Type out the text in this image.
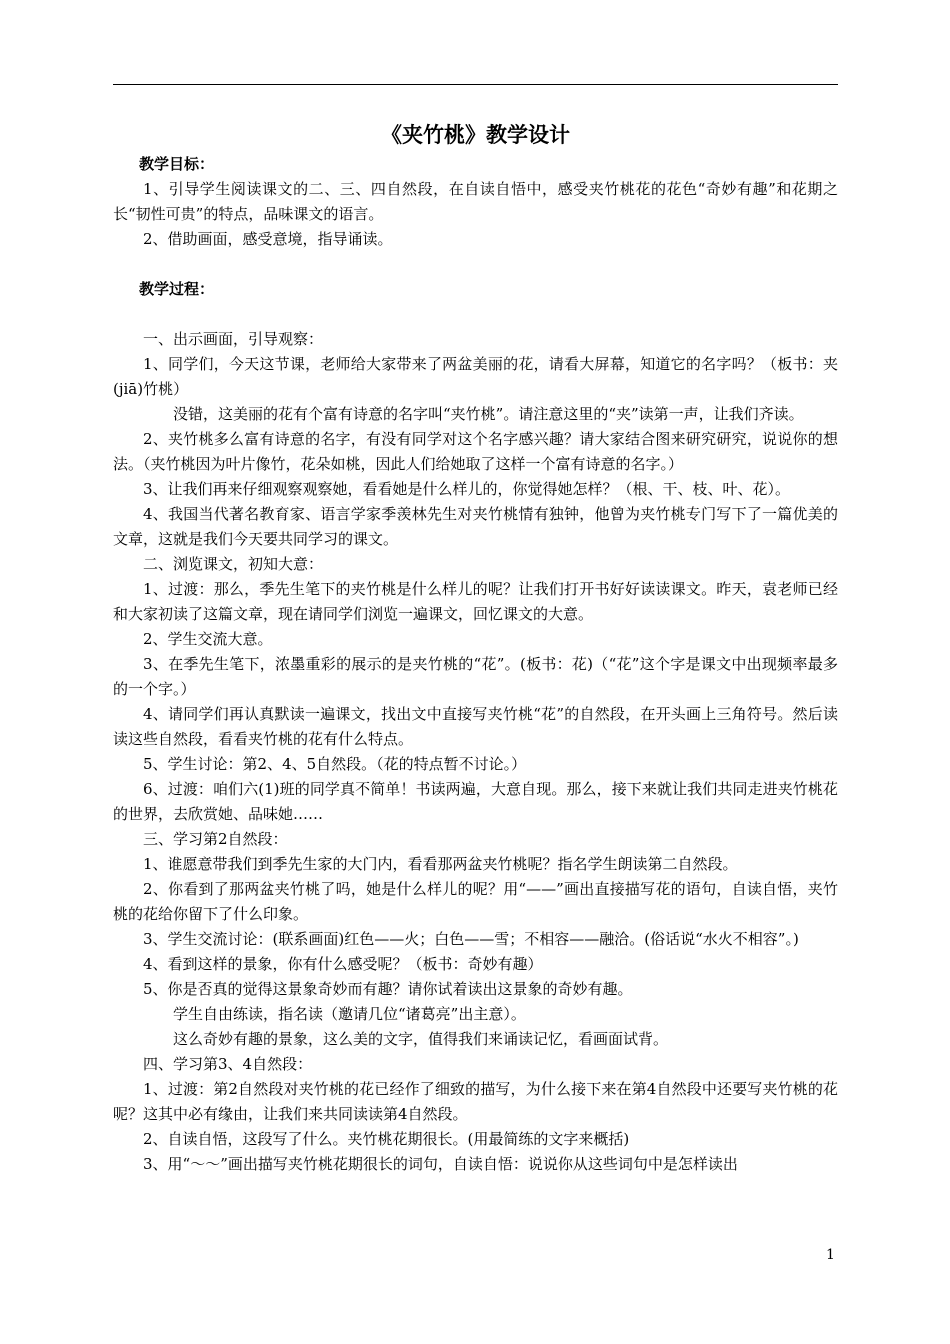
《夹竹桃》教学设计
教学目标：

1、引导学生阅读课文的二、三、四自然段，在自读自悟中，感受夹竹桃花的花色“奇妙有趣”和花期之长“韧性可贵”的特点，品味课文的语言。

2、借助画面，感受意境，指导诵读。

教学过程：

一、出示画面，引导观察：

1、同学们，今天这节课，老师给大家带来了两盆美丽的花，请看大屏幕，知道它的名字吗？（板书：夹(jiā)竹桃）

没错，这美丽的花有个富有诗意的名字叫“夹竹桃”。请注意这里的“夹”读第一声，让我们齐读。

2、夹竹桃多么富有诗意的名字，有没有同学对这个名字感兴趣？请大家结合图来研究研究，说说你的想法。（夹竹桃因为叶片像竹，花朵如桃，因此人们给她取了这样一个富有诗意的名字。）

3、让我们再来仔细观察观察她，看看她是什么样儿的，你觉得她怎样？（根、干、枝、叶、花）。

4、我国当代著名教育家、语言学家季羡林先生对夹竹桃情有独钟，他曾为夹竹桃专门写下了一篇优美的文章，这就是我们今天要共同学习的课文。

二、浏览课文，初知大意：

1、过渡：那么，季先生笔下的夹竹桃是什么样儿的呢？让我们打开书好好读读课文。昨天，袁老师已经和大家初读了这篇文章，现在请同学们浏览一遍课文，回忆课文的大意。

2、学生交流大意。

3、在季先生笔下，浓墨重彩的展示的是夹竹桃的“花”。(板书：花)（“花”这个字是课文中出现频率最多的一个字。）

4、请同学们再认真默读一遍课文，找出文中直接写夹竹桃“花”的自然段，在开头画上三角符号。然后读读这些自然段，看看夹竹桃的花有什么特点。

5、学生讨论：第2、4、5自然段。（花的特点暂不讨论。）

6、过渡：咱们六(1)班的同学真不简单！书读两遍，大意自现。那么，接下来就让我们共同走进夹竹桃花的世界，去欣赏她、品味她……

三、学习第2自然段：

1、谁愿意带我们到季先生家的大门内，看看那两盆夹竹桃呢？指名学生朗读第二自然段。

2、你看到了那两盆夹竹桃了吗，她是什么样儿的呢？用“——”画出直接描写花的语句，自读自悟，夹竹桃的花给你留下了什么印象。

3、学生交流讨论：(联系画面)红色——火；白色——雪；不相容——融洽。(俗话说“水火不相容”。)

4、看到这样的景象，你有什么感受呢？（板书：奇妙有趣）

5、你是否真的觉得这景象奇妙而有趣？请你试着读出这景象的奇妙有趣。

学生自由练读，指名读（邀请几位“诸葛亮”出主意）。

这么奇妙有趣的景象，这么美的文字，值得我们来诵读记忆，看画面试背。

四、学习第3、4自然段：

1、过渡：第2自然段对夹竹桃的花已经作了细致的描写，为什么接下来在第4自然段中还要写夹竹桃的花呢？这其中必有缘由，让我们来共同读读第4自然段。

2、自读自悟，这段写了什么。夹竹桃花期很长。(用最简练的文字来概括)

3、用“～～”画出描写夹竹桃花期很长的词句，自读自悟：说说你从这些词句中是怎样读出

1
